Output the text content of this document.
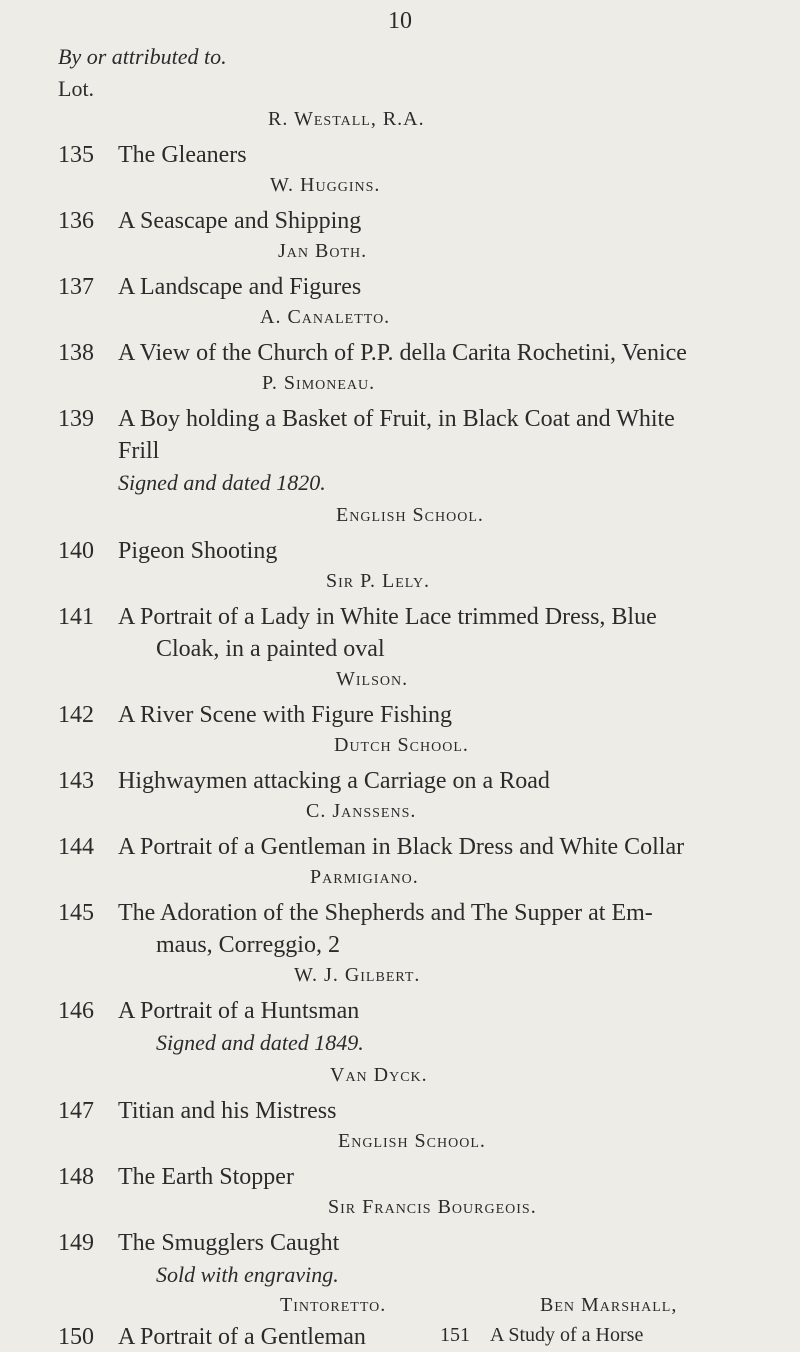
10
By or attributed to.
Lot.
R. Westall, R.A.
135 The Gleaners
W. Huggins.
136 A Seascape and Shipping
Jan Both.
137 A Landscape and Figures
A. Canaletto.
138 A View of the Church of P.P. della Carita Rochetini, Venice
P. Simoneau.
139 A Boy holding a Basket of Fruit, in Black Coat and White
Frill
Signed and dated 1820.
English School.
140 Pigeon Shooting
Sir P. Lely.
141 A Portrait of a Lady in White Lace trimmed Dress, Blue
Cloak, in a painted oval
Wilson.
142 A River Scene with Figure Fishing
Dutch School.
143 Highwaymen attacking a Carriage on a Road
C. Janssens.
144 A Portrait of a Gentleman in Black Dress and White Collar
Parmigiano.
145 The Adoration of the Shepherds and The Supper at Em-
maus, Correggio, 2
W. J. Gilbert.
146 A Portrait of a Huntsman
Signed and dated 1849.
Van Dyck.
147 Titian and his Mistress
English School.
148 The Earth Stopper
Sir Francis Bourgeois.
149 The Smugglers Caught
Sold with engraving.
Tintoretto.
150 A Portrait of a Gentleman
Ben Marshall,
151 A Study of a Horse
